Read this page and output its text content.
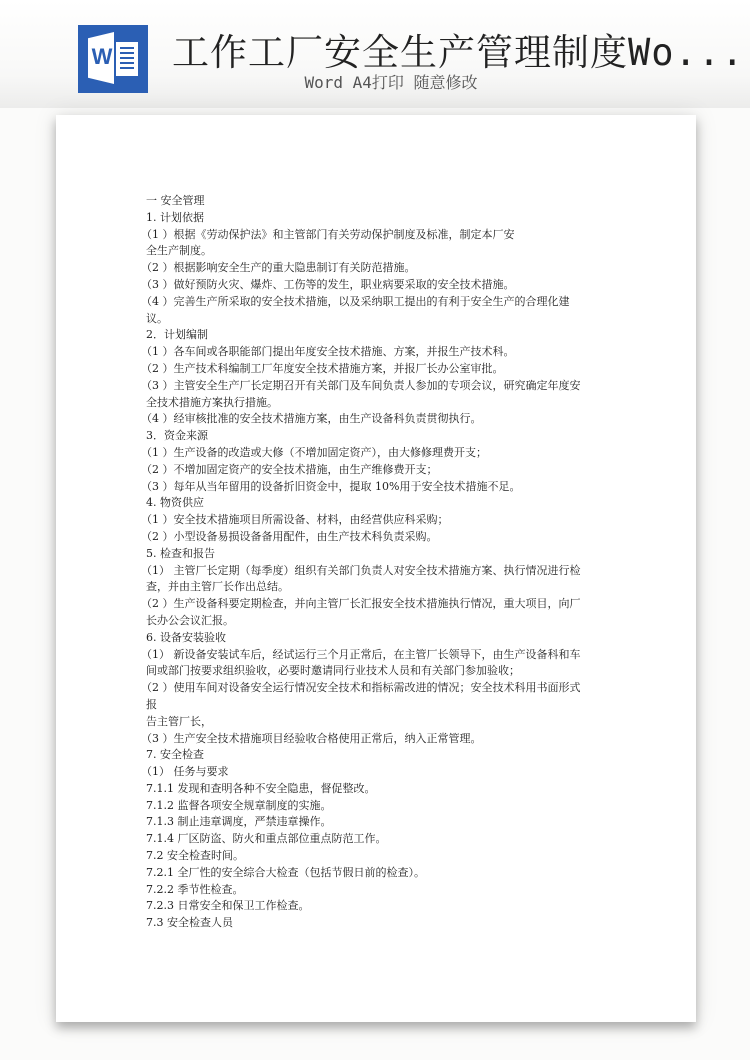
W 工作工厂安全生产管理制度Wo...
Word A4打印 随意修改

一 安全管理

1. 计划依据

（1 ）根据《劳动保护法》和主管部门有关劳动保护制度及标准，制定本厂安

全生产制度。

（2 ）根据影响安全生产的重大隐患制订有关防范措施。

（3 ）做好预防火灾、爆炸、工伤等的发生，职业病要采取的安全技术措施。

（4 ）完善生产所采取的安全技术措施，以及采纳职工提出的有利于安全生产的合理化建

议。

2．计划编制

（1 ）各车间或各职能部门提出年度安全技术措施、方案，并报生产技术科。

（2 ）生产技术科编制工厂年度安全技术措施方案，并报厂长办公室审批。

（3 ）主管安全生产厂长定期召开有关部门及车间负责人参加的专项会议，研究确定年度安

全技术措施方案执行措施。

（4 ）经审核批准的安全技术措施方案，由生产设备科负责贯彻执行。

3．资金来源

（1 ）生产设备的改造或大修（不增加固定资产），由大修修理费开支；

（2 ）不增加固定资产的安全技术措施，由生产维修费开支；

（3 ）每年从当年留用的设备折旧资金中，提取 10%用于安全技术措施不足。

4. 物资供应

（1 ）安全技术措施项目所需设备、材料，由经营供应科采购；

（2 ）小型设备易损设备备用配件，由生产技术科负责采购。

5. 检查和报告

（1） 主管厂长定期（每季度）组织有关部门负责人对安全技术措施方案、执行情况进行检

查，并由主管厂长作出总结。

（2 ）生产设备科要定期检查，并向主管厂长汇报安全技术措施执行情况，重大项目，向厂

长办公会议汇报。

6. 设备安装验收

（1） 新设备安装试车后，经试运行三个月正常后，在主管厂长领导下，由生产设备科和车

间或部门按要求组织验收，必要时邀请同行业技术人员和有关部门参加验收；

（2 ）使用车间对设备安全运行情况安全技术和指标需改进的情况；安全技术科用书面形式

报

告主管厂长，

（3 ）生产安全技术措施项目经验收合格使用正常后，纳入正常管理。

7. 安全检查

（1） 任务与要求

7.1.1 发现和查明各种不安全隐患，督促整改。

7.1.2 监督各项安全规章制度的实施。

7.1.3 制止违章调度，严禁违章操作。

7.1.4 厂区防盗、防火和重点部位重点防范工作。

7.2 安全检查时间。

7.2.1 全厂性的安全综合大检查（包括节假日前的检查）。

7.2.2 季节性检查。

7.2.3 日常安全和保卫工作检查。

7.3 安全检查人员
